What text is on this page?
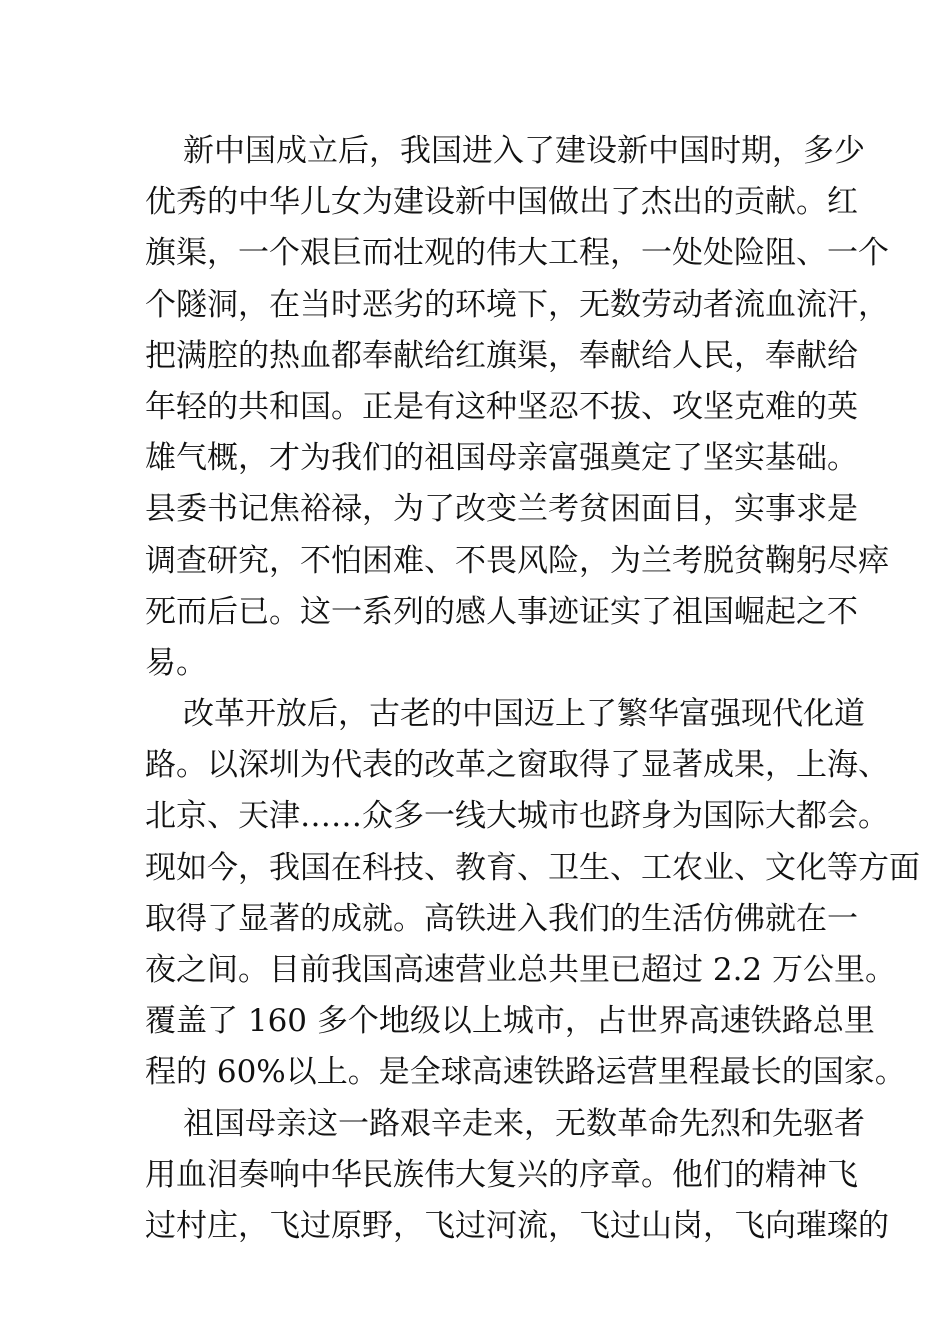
新中国成立后，我国进入了建设新中国时期，多少
优秀的中华儿女为建设新中国做出了杰出的贡献。红
旗渠，一个艰巨而壮观的伟大工程，一处处险阻、一个
个隧洞，在当时恶劣的环境下，无数劳动者流血流汗，
把满腔的热血都奉献给红旗渠，奉献给人民，奉献给
年轻的共和国。正是有这种坚忍不拔、攻坚克难的英
雄气概，才为我们的祖国母亲富强奠定了坚实基础。
县委书记焦裕禄，为了改变兰考贫困面目，实事求是
调查研究，不怕困难、不畏风险，为兰考脱贫鞠躬尽瘁
死而后已。这一系列的感人事迹证实了祖国崛起之不
易。
改革开放后，古老的中国迈上了繁华富强现代化道
路。以深圳为代表的改革之窗取得了显著成果，上海、
北京、天津……众多一线大城市也跻身为国际大都会。
现如今，我国在科技、教育、卫生、工农业、文化等方面
取得了显著的成就。高铁进入我们的生活仿佛就在一
夜之间。目前我国高速营业总共里已超过 2.2 万公里。
覆盖了 160 多个地级以上城市，占世界高速铁路总里
程的 60%以上。是全球高速铁路运营里程最长的国家。
祖国母亲这一路艰辛走来，无数革命先烈和先驱者
用血泪奏响中华民族伟大复兴的序章。他们的精神飞
过村庄，飞过原野，飞过河流，飞过山岗，飞向璀璨的
